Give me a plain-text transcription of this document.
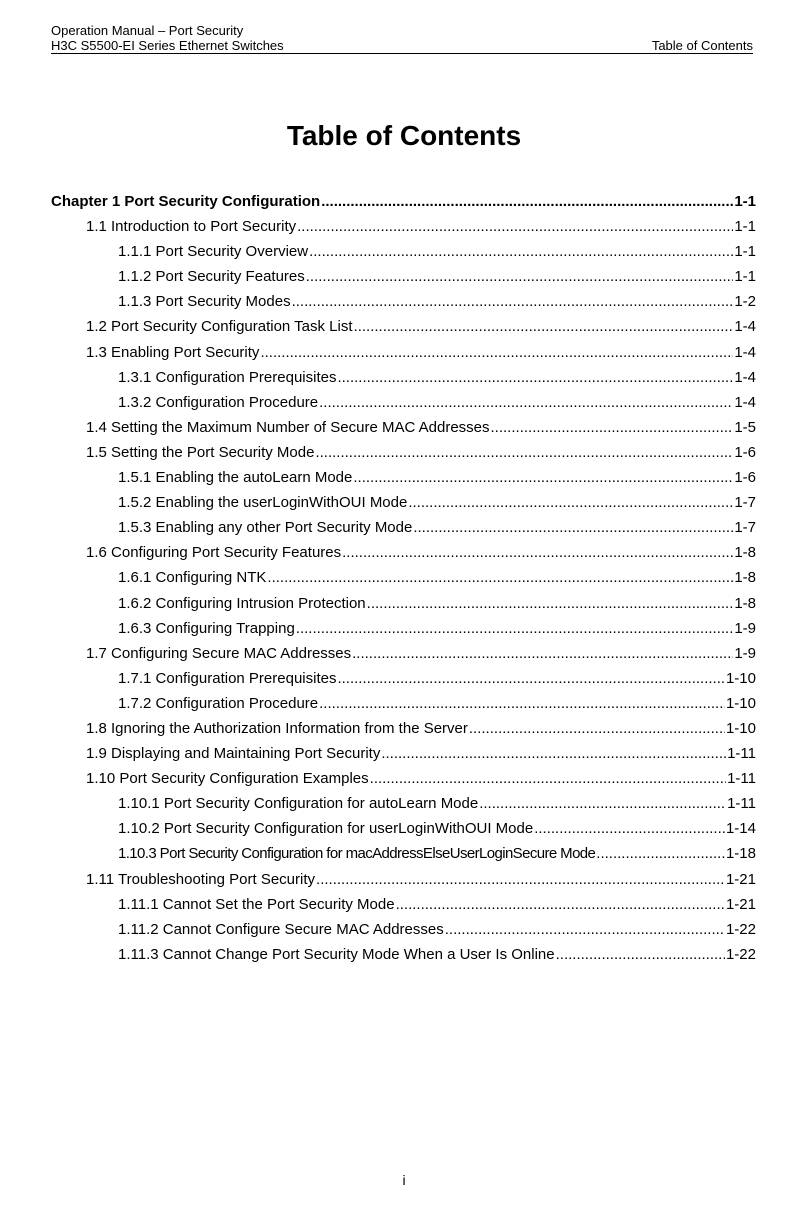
Operation Manual – Port Security
H3C S5500-EI Series Ethernet Switches	Table of Contents
Table of Contents
Chapter 1 Port Security Configuration .....	1-1
1.1 Introduction to Port Security .....	1-1
1.1.1 Port Security Overview .....	1-1
1.1.2 Port Security Features .....	1-1
1.1.3 Port Security Modes .....	1-2
1.2 Port Security Configuration Task List .....	1-4
1.3 Enabling Port Security .....	1-4
1.3.1 Configuration Prerequisites .....	1-4
1.3.2 Configuration Procedure .....	1-4
1.4 Setting the Maximum Number of Secure MAC Addresses .....	1-5
1.5 Setting the Port Security Mode .....	1-6
1.5.1 Enabling the autoLearn Mode .....	1-6
1.5.2 Enabling the userLoginWithOUI Mode .....	1-7
1.5.3 Enabling any other Port Security Mode .....	1-7
1.6 Configuring Port Security Features .....	1-8
1.6.1 Configuring NTK .....	1-8
1.6.2 Configuring Intrusion Protection .....	1-8
1.6.3 Configuring Trapping .....	1-9
1.7 Configuring Secure MAC Addresses .....	1-9
1.7.1 Configuration Prerequisites .....	1-10
1.7.2 Configuration Procedure .....	1-10
1.8 Ignoring the Authorization Information from the Server .....	1-10
1.9 Displaying and Maintaining Port Security .....	1-11
1.10 Port Security Configuration Examples .....	1-11
1.10.1 Port Security Configuration for autoLearn Mode .....	1-11
1.10.2 Port Security Configuration for userLoginWithOUI Mode .....	1-14
1.10.3 Port Security Configuration for macAddressElseUserLoginSecure Mode .....	1-18
1.11 Troubleshooting Port Security .....	1-21
1.11.1 Cannot Set the Port Security Mode .....	1-21
1.11.2 Cannot Configure Secure MAC Addresses .....	1-22
1.11.3 Cannot Change Port Security Mode When a User Is Online .....	1-22
i
